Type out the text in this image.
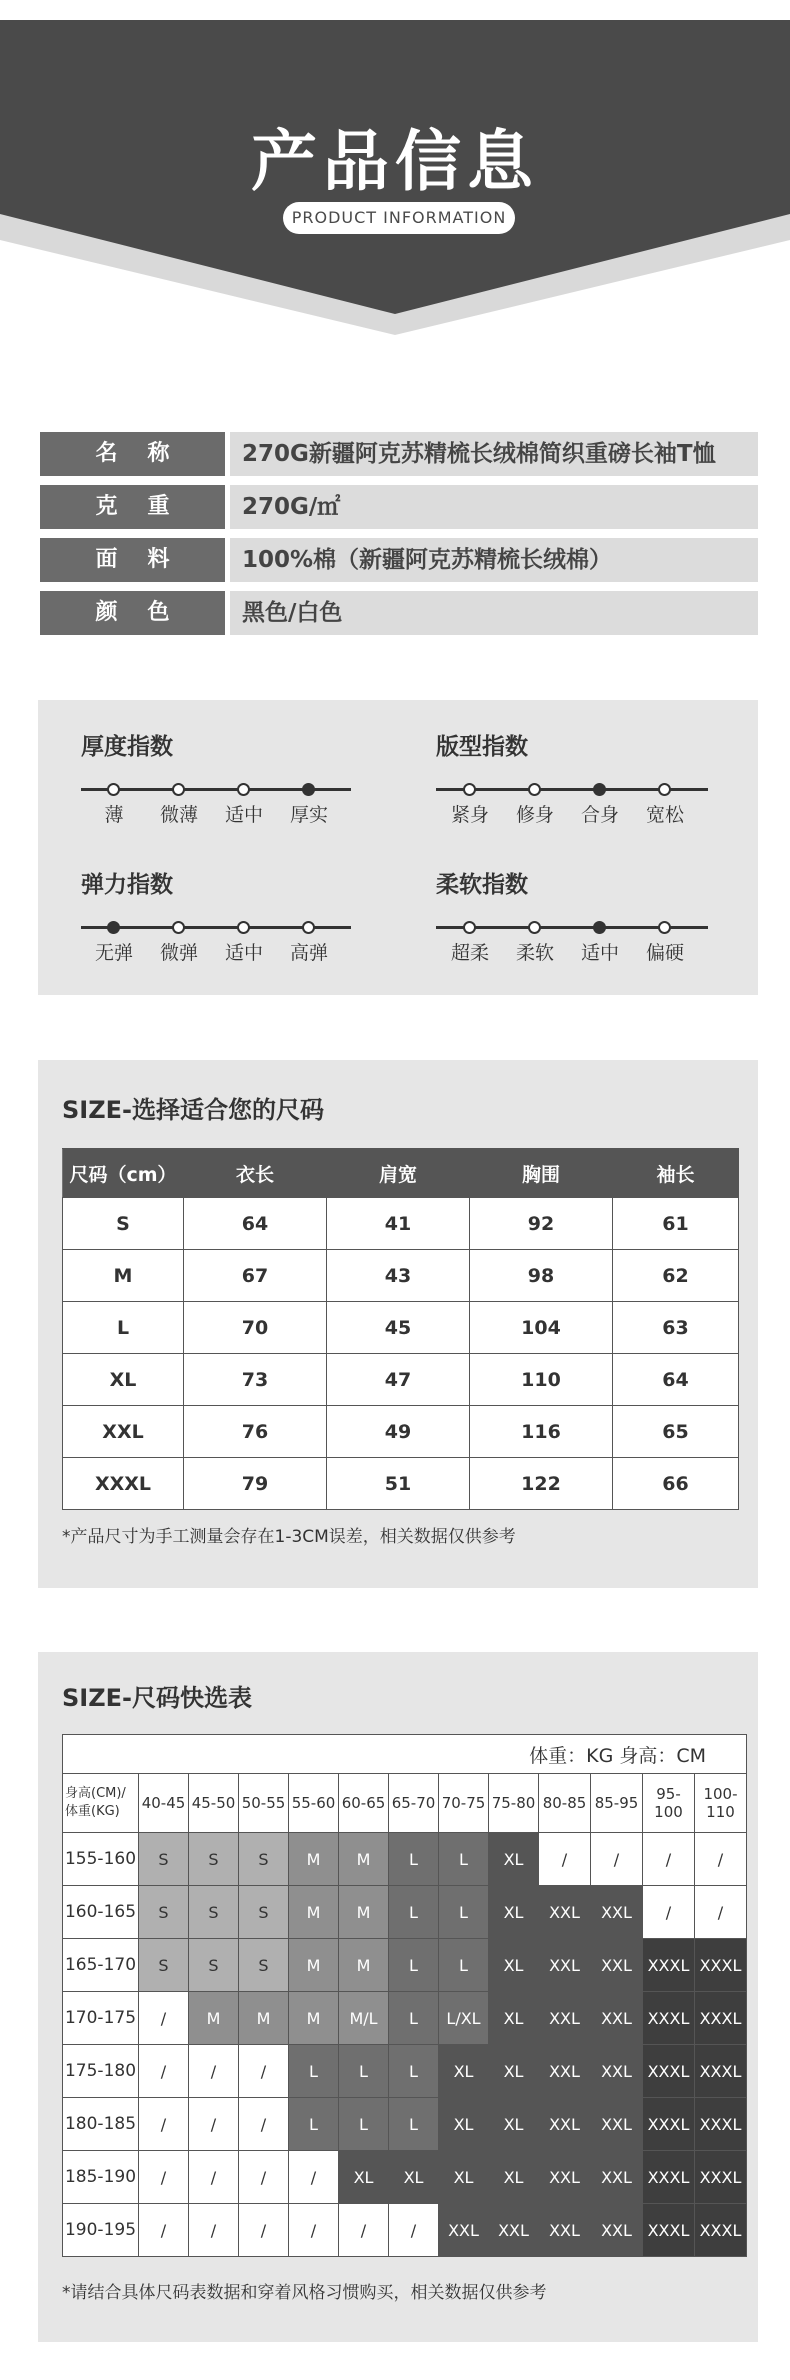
产品信息
PRODUCT INFORMATION
名称	270G新疆阿克苏精梳长绒棉简织重磅长袖T恤
克重	270G/㎡
面料	100%棉（新疆阿克苏精梳长绒棉）
颜色	黑色/白色
厚度指数
薄	微薄	适中	厚实
版型指数
紧身	修身	合身	宽松
弹力指数
无弹	微弹	适中	高弹
柔软指数
超柔	柔软	适中	偏硬
SIZE-选择适合您的尺码
尺码（cm）	衣长	肩宽	胸围	袖长
S	64	41	92	61
M	67	43	98	62
L	70	45	104	63
XL	73	47	110	64
XXL	76	49	116	65
XXXL	79	51	122	66
*产品尺寸为手工测量会存在1-3CM误差，相关数据仅供参考
SIZE-尺码快选表
体重：KG 身高：CM												
身高(CM)/
体重(KG)	40-45	45-50	50-55	55-60	60-65	65-70	70-75	75-80	80-85	85-95	95-100	100-110
155-160	S	S	S	M	M	L	L	XL	/	/	/	/
160-165	S	S	S	M	M	L	L	XL	XXL	XXL	/	/
165-170	S	S	S	M	M	L	L	XL	XXL	XXL	XXXL	XXXL
170-175	/	M	M	M	M/L	L	L/XL	XL	XXL	XXL	XXXL	XXXL
175-180	/	/	/	L	L	L	XL	XL	XXL	XXL	XXXL	XXXL
180-185	/	/	/	L	L	L	XL	XL	XXL	XXL	XXXL	XXXL
185-190	/	/	/	/	XL	XL	XL	XL	XXL	XXL	XXXL	XXXL
190-195	/	/	/	/	/	/	XXL	XXL	XXL	XXL	XXXL	XXXL
*请结合具体尺码表数据和穿着风格习惯购买，相关数据仅供参考
